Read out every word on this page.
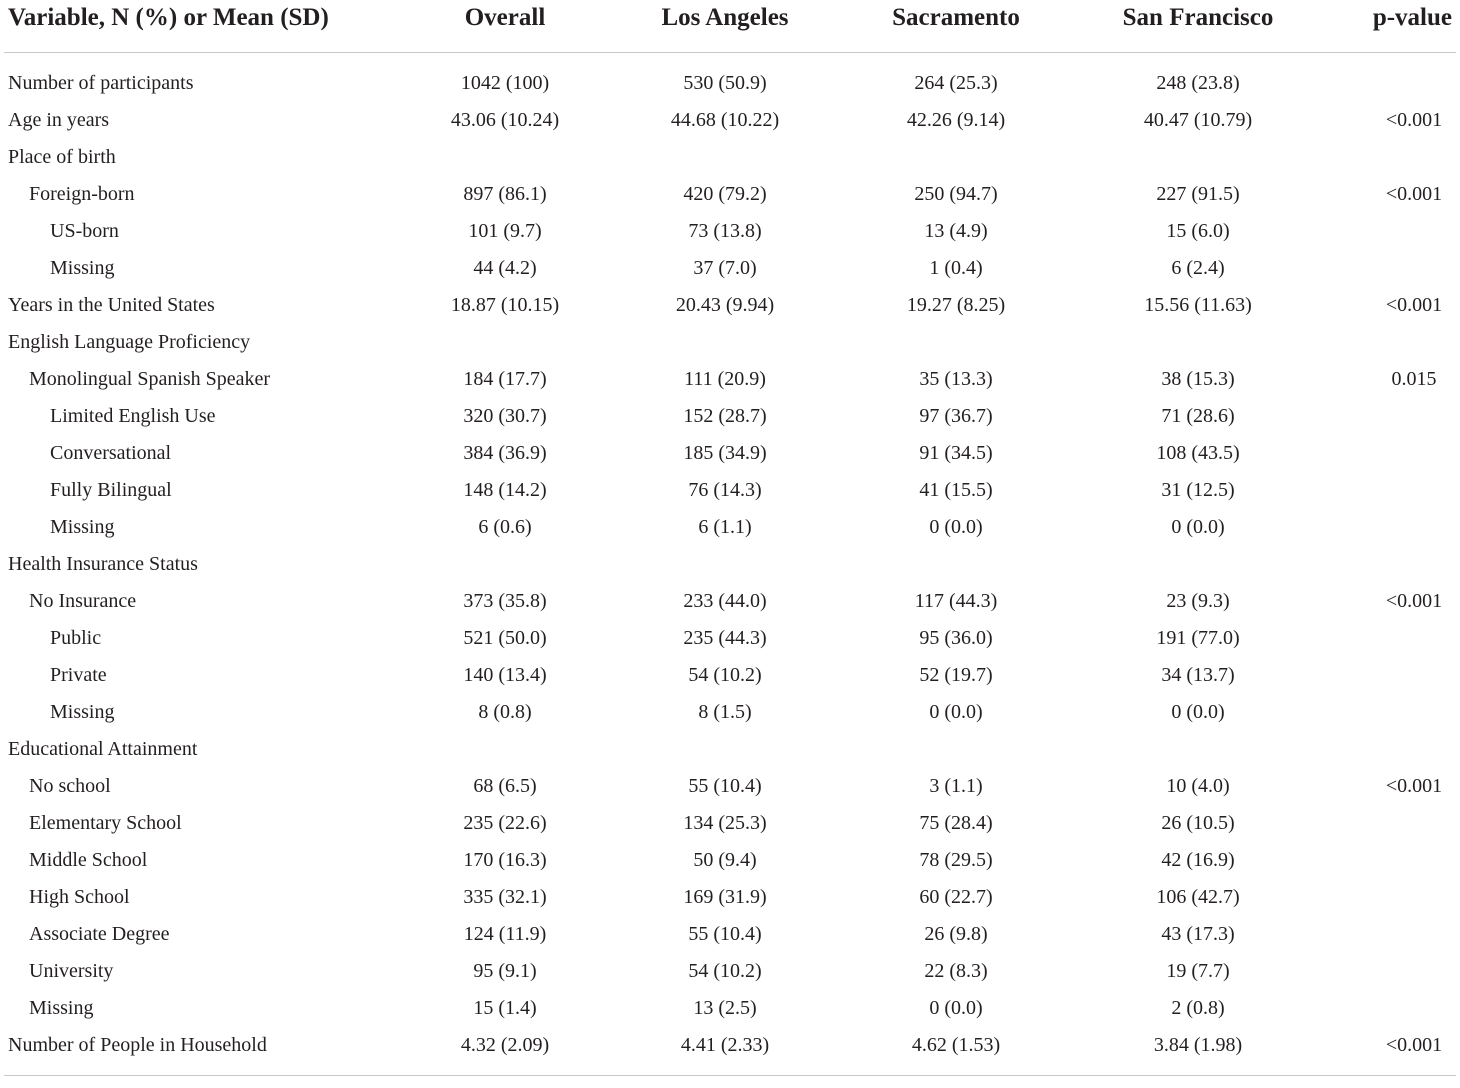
Variable, N (%) or Mean (SD)	Overall	Los Angeles	Sacramento	San Francisco	p-value
Number of participants	1042 (100)	530 (50.9)	264 (25.3)	248 (23.8)	
Age in years	43.06 (10.24)	44.68 (10.22)	42.26 (9.14)	40.47 (10.79)	<0.001
Place of birth					
Foreign-born	897 (86.1)	420 (79.2)	250 (94.7)	227 (91.5)	<0.001
US-born	101 (9.7)	73 (13.8)	13 (4.9)	15 (6.0)	
Missing	44 (4.2)	37 (7.0)	1 (0.4)	6 (2.4)	
Years in the United States	18.87 (10.15)	20.43 (9.94)	19.27 (8.25)	15.56 (11.63)	<0.001
English Language Proficiency					
Monolingual Spanish Speaker	184 (17.7)	111 (20.9)	35 (13.3)	38 (15.3)	0.015
Limited English Use	320 (30.7)	152 (28.7)	97 (36.7)	71 (28.6)	
Conversational	384 (36.9)	185 (34.9)	91 (34.5)	108 (43.5)	
Fully Bilingual	148 (14.2)	76 (14.3)	41 (15.5)	31 (12.5)	
Missing	6 (0.6)	6 (1.1)	0 (0.0)	0 (0.0)	
Health Insurance Status					
No Insurance	373 (35.8)	233 (44.0)	117 (44.3)	23 (9.3)	<0.001
Public	521 (50.0)	235 (44.3)	95 (36.0)	191 (77.0)	
Private	140 (13.4)	54 (10.2)	52 (19.7)	34 (13.7)	
Missing	8 (0.8)	8 (1.5)	0 (0.0)	0 (0.0)	
Educational Attainment					
No school	68 (6.5)	55 (10.4)	3 (1.1)	10 (4.0)	<0.001
Elementary School	235 (22.6)	134 (25.3)	75 (28.4)	26 (10.5)	
Middle School	170 (16.3)	50 (9.4)	78 (29.5)	42 (16.9)	
High School	335 (32.1)	169 (31.9)	60 (22.7)	106 (42.7)	
Associate Degree	124 (11.9)	55 (10.4)	26 (9.8)	43 (17.3)	
University	95 (9.1)	54 (10.2)	22 (8.3)	19 (7.7)	
Missing	15 (1.4)	13 (2.5)	0 (0.0)	2 (0.8)	
Number of People in Household	4.32 (2.09)	4.41 (2.33)	4.62 (1.53)	3.84 (1.98)	<0.001
